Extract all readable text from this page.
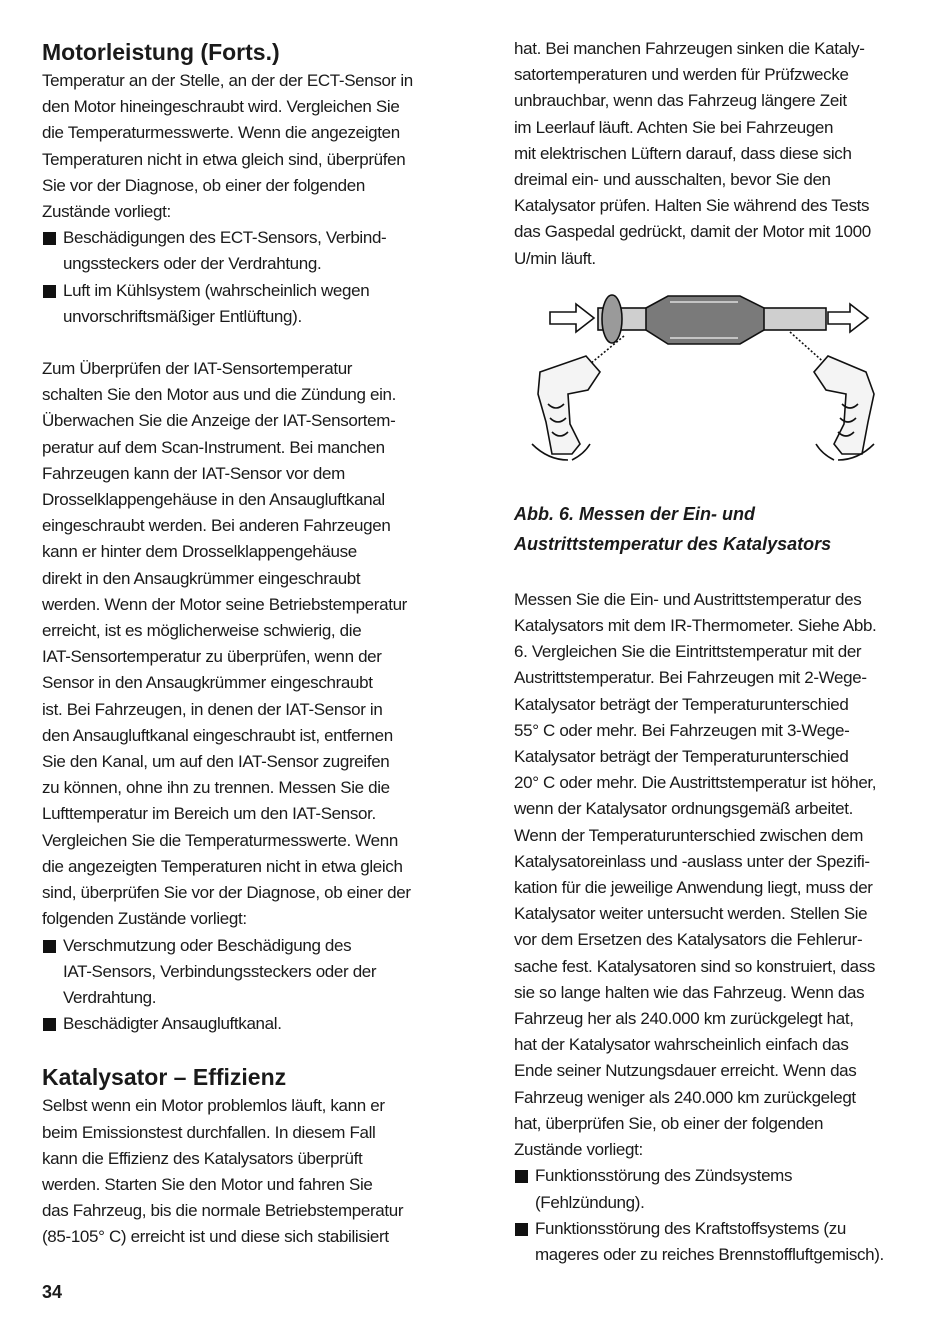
Motorleistung (Forts.)

Temperatur an der Stelle, an der der ECT-Sensor in
den Motor hineingeschraubt wird. Vergleichen Sie
die Temperaturmesswerte. Wenn die angezeigten
Temperaturen nicht in etwa gleich sind, überprüfen
Sie vor der Diagnose, ob einer der folgenden
Zustände vorliegt:

Beschädigungen des ECT-Sensors, Verbind-
ungssteckers oder der Verdrahtung.
Luft im Kühlsystem (wahrscheinlich wegen
unvorschriftsmäßiger Entlüftung).

Zum Überprüfen der IAT-Sensortemperatur
schalten Sie den Motor aus und die Zündung ein.
Überwachen Sie die Anzeige der IAT-Sensortem-
peratur auf dem Scan-Instrument. Bei manchen
Fahrzeugen kann der IAT-Sensor vor dem
Drosselklappengehäuse in den Ansaugluftkanal
eingeschraubt werden. Bei anderen Fahrzeugen
kann er hinter dem Drosselklappengehäuse
direkt in den Ansaugkrümmer eingeschraubt
werden. Wenn der Motor seine Betriebstemperatur
erreicht, ist es möglicherweise schwierig, die
IAT-Sensortemperatur zu überprüfen, wenn der
Sensor in den Ansaugkrümmer eingeschraubt
ist. Bei Fahrzeugen, in denen der IAT-Sensor in
den Ansaugluftkanal eingeschraubt ist, entfernen
Sie den Kanal, um auf den IAT-Sensor zugreifen
zu können, ohne ihn zu trennen. Messen Sie die
Lufttemperatur im Bereich um den IAT-Sensor.
Vergleichen Sie die Temperaturmesswerte. Wenn
die angezeigten Temperaturen nicht in etwa gleich
sind, überprüfen Sie vor der Diagnose, ob einer der
folgenden Zustände vorliegt:

Verschmutzung oder Beschädigung des
IAT-Sensors, Verbindungssteckers oder der
Verdrahtung.
Beschädigter Ansaugluftkanal.
Katalysator – Effizienz

Selbst wenn ein Motor problemlos läuft, kann er
beim Emissionstest durchfallen. In diesem Fall
kann die Effizienz des Katalysators überprüft
werden. Starten Sie den Motor und fahren Sie
das Fahrzeug, bis die normale Betriebstemperatur
(85-105° C) erreicht ist und diese sich stabilisiert

hat. Bei manchen Fahrzeugen sinken die Kataly-
satortemperaturen und werden für Prüfzwecke
unbrauchbar, wenn das Fahrzeug längere Zeit
im Leerlauf läuft. Achten Sie bei Fahrzeugen
mit elektrischen Lüftern darauf, dass diese sich
dreimal ein- und ausschalten, bevor Sie den
Katalysator prüfen. Halten Sie während des Tests
das Gaspedal gedrückt, damit der Motor mit 1000
U/min läuft.

Abb. 6. Messen der Ein- und
Austrittstemperatur des Katalysators

Messen Sie die Ein- und Austrittstemperatur des
Katalysators mit dem IR-Thermometer. Siehe Abb.
6. Vergleichen Sie die Eintrittstemperatur mit der
Austrittstemperatur. Bei Fahrzeugen mit 2-Wege-
Katalysator beträgt der Temperaturunterschied
55° C oder mehr. Bei Fahrzeugen mit 3-Wege-
Katalysator beträgt der Temperaturunterschied
20° C oder mehr. Die Austrittstemperatur ist höher,
wenn der Katalysator ordnungsgemäß arbeitet.
Wenn der Temperaturunterschied zwischen dem
Katalysatoreinlass und -auslass unter der Spezifi-
kation für die jeweilige Anwendung liegt, muss der
Katalysator weiter untersucht werden. Stellen Sie
vor dem Ersetzen des Katalysators die Fehlerur-
sache fest. Katalysatoren sind so konstruiert, dass
sie so lange halten wie das Fahrzeug. Wenn das
Fahrzeug her als 240.000 km zurückgelegt hat,
hat der Katalysator wahrscheinlich einfach das
Ende seiner Nutzungsdauer erreicht. Wenn das
Fahrzeug weniger als 240.000 km zurückgelegt
hat, überprüfen Sie, ob einer der folgenden
Zustände vorliegt:

Funktionsstörung des Zündsystems
(Fehlzündung).
Funktionsstörung des Kraftstoffsystems (zu
mageres oder zu reiches Brennstoffluftgemisch).
34
